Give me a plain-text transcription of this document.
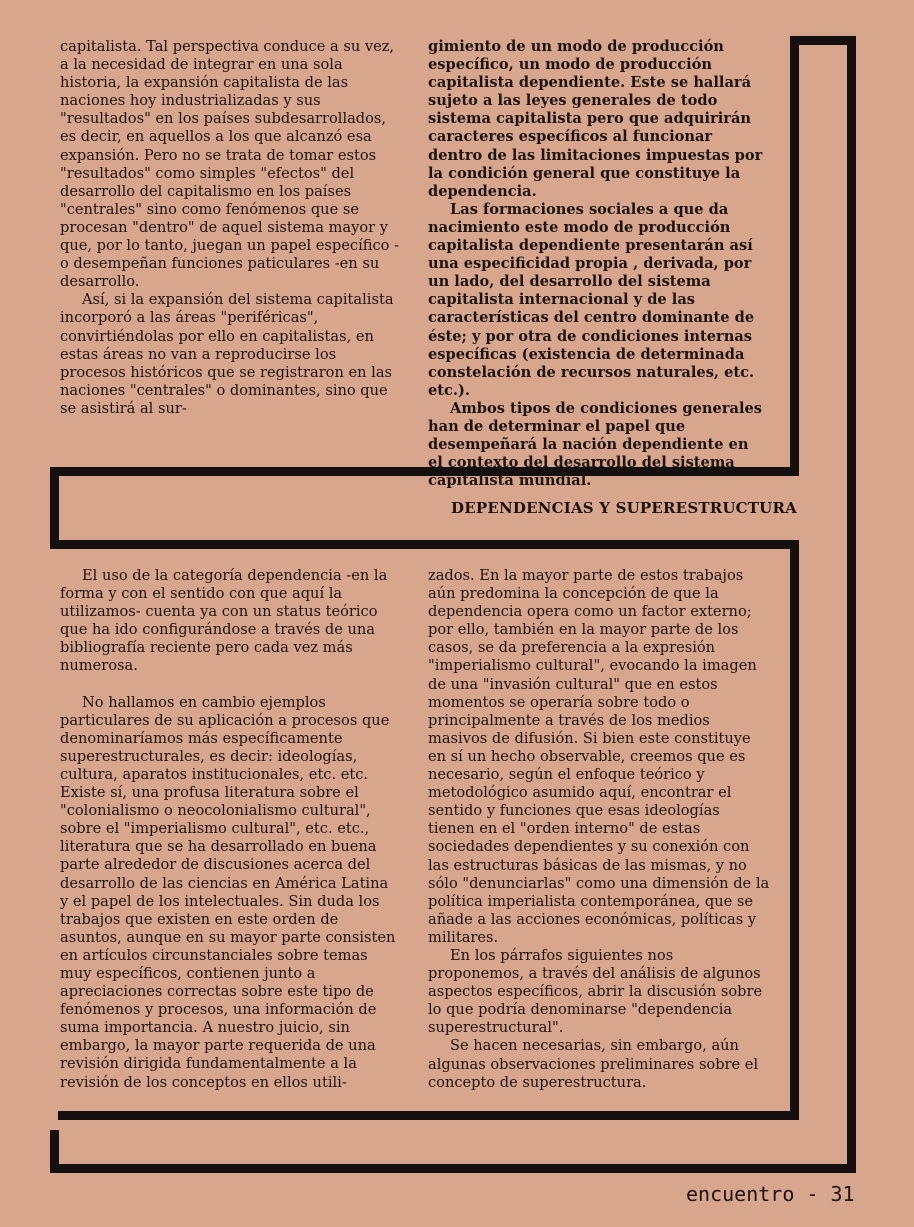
capitalista. Tal perspectiva conduce a su vez, a la necesidad de integrar en una sola historia, la expansión capitalista de las naciones hoy industrializadas y sus "resultados" en los países subdesarrollados, es decir, en aquellos a los que alcanzó esa expansión. Pero no se trata de tomar estos "resultados" como simples "efectos" del desarrollo del capitalismo en los países "centrales" sino como fenómenos que se procesan "dentro" de aquel sistema mayor y que, por lo tanto, juegan un papel específico -o desempeñan funciones paticulares -en su desarrollo.

Así, si la expansión del sistema capitalista incorporó a las áreas "periféricas", convirtiéndolas por ello en capitalistas, en estas áreas no van a reproducirse los procesos históricos que se registraron en las naciones "centrales" o dominantes, sino que se asistirá al sur-

gimiento de un modo de producción específico, un modo de producción capitalista dependiente. Este se hallará sujeto a las leyes generales de todo sistema capitalista pero que adquirirán caracteres específicos al funcionar dentro de las limitaciones impuestas por la condición general que constituye la dependencia.

Las formaciones sociales a que da nacimiento este modo de producción capitalista dependiente presentarán así una especificidad propia , derivada, por un lado, del desarrollo del sistema capitalista internacional y de las características del centro dominante de éste; y por otra de condiciones internas específicas (existencia de determinada constelación de recursos naturales, etc. etc.).

Ambos tipos de condiciones generales han de determinar el papel que desempeñará la nación dependiente en el contexto del desarrollo del sistema capitalista mundial.

DEPENDENCIAS Y SUPERESTRUCTURA

El uso de la categoría dependencia -en la forma y con el sentido con que aquí la utilizamos- cuenta ya con un status teórico que ha ido configurándose a través de una bibliografía reciente pero cada vez más numerosa.

No hallamos en cambio ejemplos particulares de su aplicación a procesos que denominaríamos más específicamente superestructurales, es decir: ideologías, cultura, aparatos institucionales, etc. etc. Existe sí, una profusa literatura sobre el "colonialismo o neocolonialismo cultural", sobre el "imperialismo cultural", etc. etc., literatura que se ha desarrollado en buena parte alrededor de discusiones acerca del desarrollo de las ciencias en América Latina y el papel de los intelectuales. Sin duda los trabajos que existen en este orden de asuntos, aunque en su mayor parte consisten en artículos circunstanciales sobre temas muy específicos, contienen junto a apreciaciones correctas sobre este tipo de fenómenos y procesos, una información de suma importancia. A nuestro juicio, sin embargo, la mayor parte requerida de una revisión dirigida fundamentalmente a la revisión de los conceptos en ellos utili-

zados. En la mayor parte de estos trabajos aún predomina la concepción de que la dependencia opera como un factor externo; por ello, también en la mayor parte de los casos, se da preferencia a la expresión "imperialismo cultural", evocando la imagen de una "invasión cultural" que en estos momentos se operaría sobre todo o principalmente a través de los medios masivos de difusión. Si bien este constituye en sí un hecho observable, creemos que es necesario, según el enfoque teórico y metodológico asumido aquí, encontrar el sentido y funciones que esas ideologías tienen en el "orden interno" de estas sociedades dependientes y su conexión con las estructuras básicas de las mismas, y no sólo "denunciarlas" como una dimensión de la política imperialista contemporánea, que se añade a las acciones económicas, políticas y militares.

En los párrafos siguientes nos proponemos, a través del análisis de algunos aspectos específicos, abrir la discusión sobre lo que podría denominarse "dependencia superestructural".

Se hacen necesarias, sin embargo, aún algunas observaciones preliminares sobre el concepto de superestructura.

encuentro - 31
